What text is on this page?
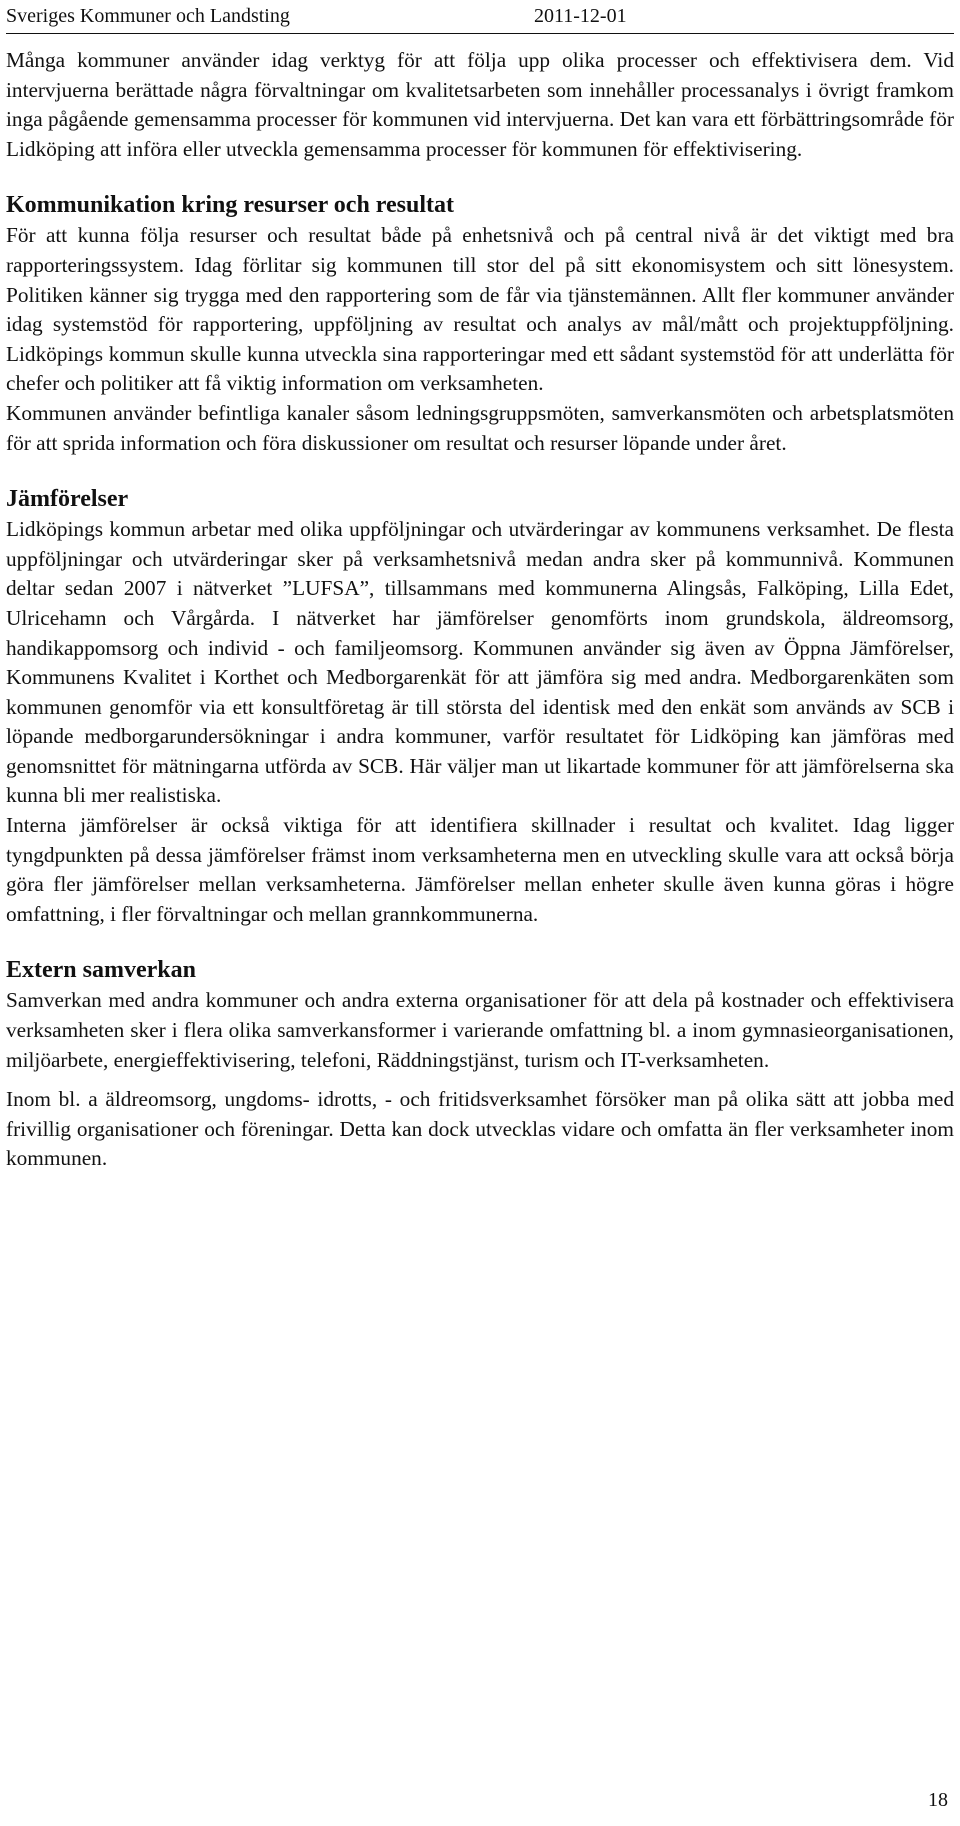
Sveriges Kommuner och Landsting	2011-12-01

Många kommuner använder idag verktyg för att följa upp olika processer och effektivisera dem. Vid intervjuerna berättade några förvaltningar om kvalitetsarbeten som innehåller processanalys i övrigt framkom inga pågående gemensamma processer för kommunen vid intervjuerna. Det kan vara ett förbättringsområde för Lidköping att införa eller utveckla gemensamma processer för kommunen för effektivisering.

Kommunikation kring resurser och resultat

För att kunna följa resurser och resultat både på enhetsnivå och på central nivå är det viktigt med bra rapporteringssystem. Idag förlitar sig kommunen till stor del på sitt ekonomisystem och sitt lönesystem. Politiken känner sig trygga med den rapportering som de får via tjänstemännen. Allt fler kommuner använder idag systemstöd för rapportering, uppföljning av resultat och analys av mål/mått och projektuppföljning. Lidköpings kommun skulle kunna utveckla sina rapporteringar med ett sådant systemstöd för att underlätta för chefer och politiker att få viktig information om verksamheten.

Kommunen använder befintliga kanaler såsom ledningsgruppsmöten, samverkansmöten och arbetsplatsmöten för att sprida information och föra diskussioner om resultat och resurser löpande under året.

Jämförelser

Lidköpings kommun arbetar med olika uppföljningar och utvärderingar av kommunens verksamhet. De flesta uppföljningar och utvärderingar sker på verksamhetsnivå medan andra sker på kommunnivå. Kommunen deltar sedan 2007 i nätverket ”LUFSA”, tillsammans med kommunerna Alingsås, Falköping, Lilla Edet, Ulricehamn och Vårgårda. I nätverket har jämförelser genomförts inom grundskola, äldreomsorg, handikappomsorg och individ - och familjeomsorg. Kommunen använder sig även av Öppna Jämförelser, Kommunens Kvalitet i Korthet och Medborgarenkät för att jämföra sig med andra. Medborgarenkäten som kommunen genomför via ett konsultföretag är till största del identisk med den enkät som används av SCB i löpande medborgarundersökningar i andra kommuner, varför resultatet för Lidköping kan jämföras med genomsnittet för mätningarna utförda av SCB. Här väljer man ut likartade kommuner för att jämförelserna ska kunna bli mer realistiska.

Interna jämförelser är också viktiga för att identifiera skillnader i resultat och kvalitet. Idag ligger tyngdpunkten på dessa jämförelser främst inom verksamheterna men en utveckling skulle vara att också börja göra fler jämförelser mellan verksamheterna. Jämförelser mellan enheter skulle även kunna göras i högre omfattning, i fler förvaltningar och mellan grannkommunerna.

Extern samverkan

Samverkan med andra kommuner och andra externa organisationer för att dela på kostnader och effektivisera verksamheten sker i flera olika samverkansformer i varierande omfattning bl. a inom gymnasieorganisationen, miljöarbete, energieffektivisering, telefoni, Räddningstjänst, turism och IT-verksamheten.

Inom bl. a äldreomsorg, ungdoms- idrotts, - och fritidsverksamhet försöker man på olika sätt att jobba med frivillig organisationer och föreningar. Detta kan dock utvecklas vidare och omfatta än fler verksamheter inom kommunen.

18
